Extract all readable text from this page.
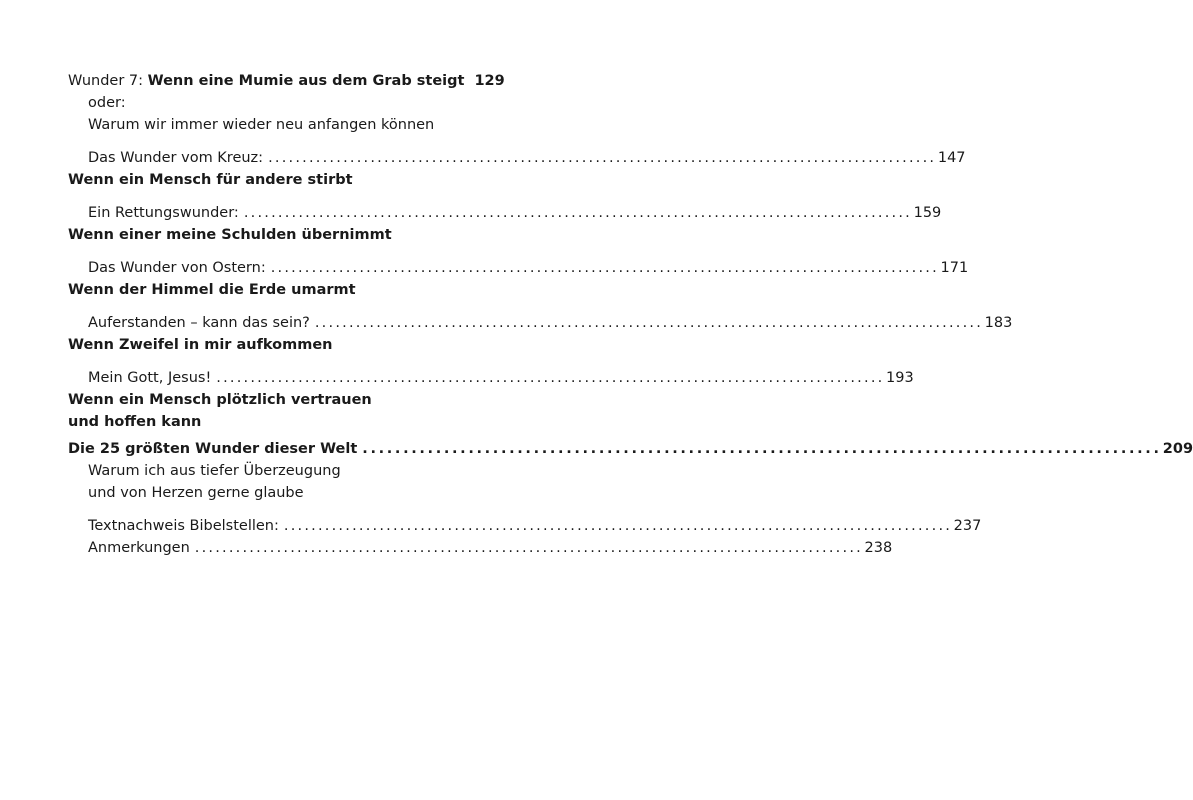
Wunder 7: Wenn eine Mumie aus dem Grab steigt 129
oder:
Warum wir immer wieder neu anfangen können
Das Wunder vom Kreuz: . . .	147
Wenn ein Mensch für andere stirbt
Ein Rettungswunder: . . .	159
Wenn einer meine Schulden übernimmt
Das Wunder von Ostern: . . .	171
Wenn der Himmel die Erde umarmt
Auferstanden – kann das sein? . . .	183
Wenn Zweifel in mir aufkommen
Mein Gott, Jesus! . . .	193
Wenn ein Mensch plötzlich vertrauen
und hoffen kann
Die 25 größten Wunder dieser Welt . . .	209
Warum ich aus tiefer Überzeugung
und von Herzen gerne glaube
Textnachweis Bibelstellen: . . .	237
Anmerkungen . . .	238
